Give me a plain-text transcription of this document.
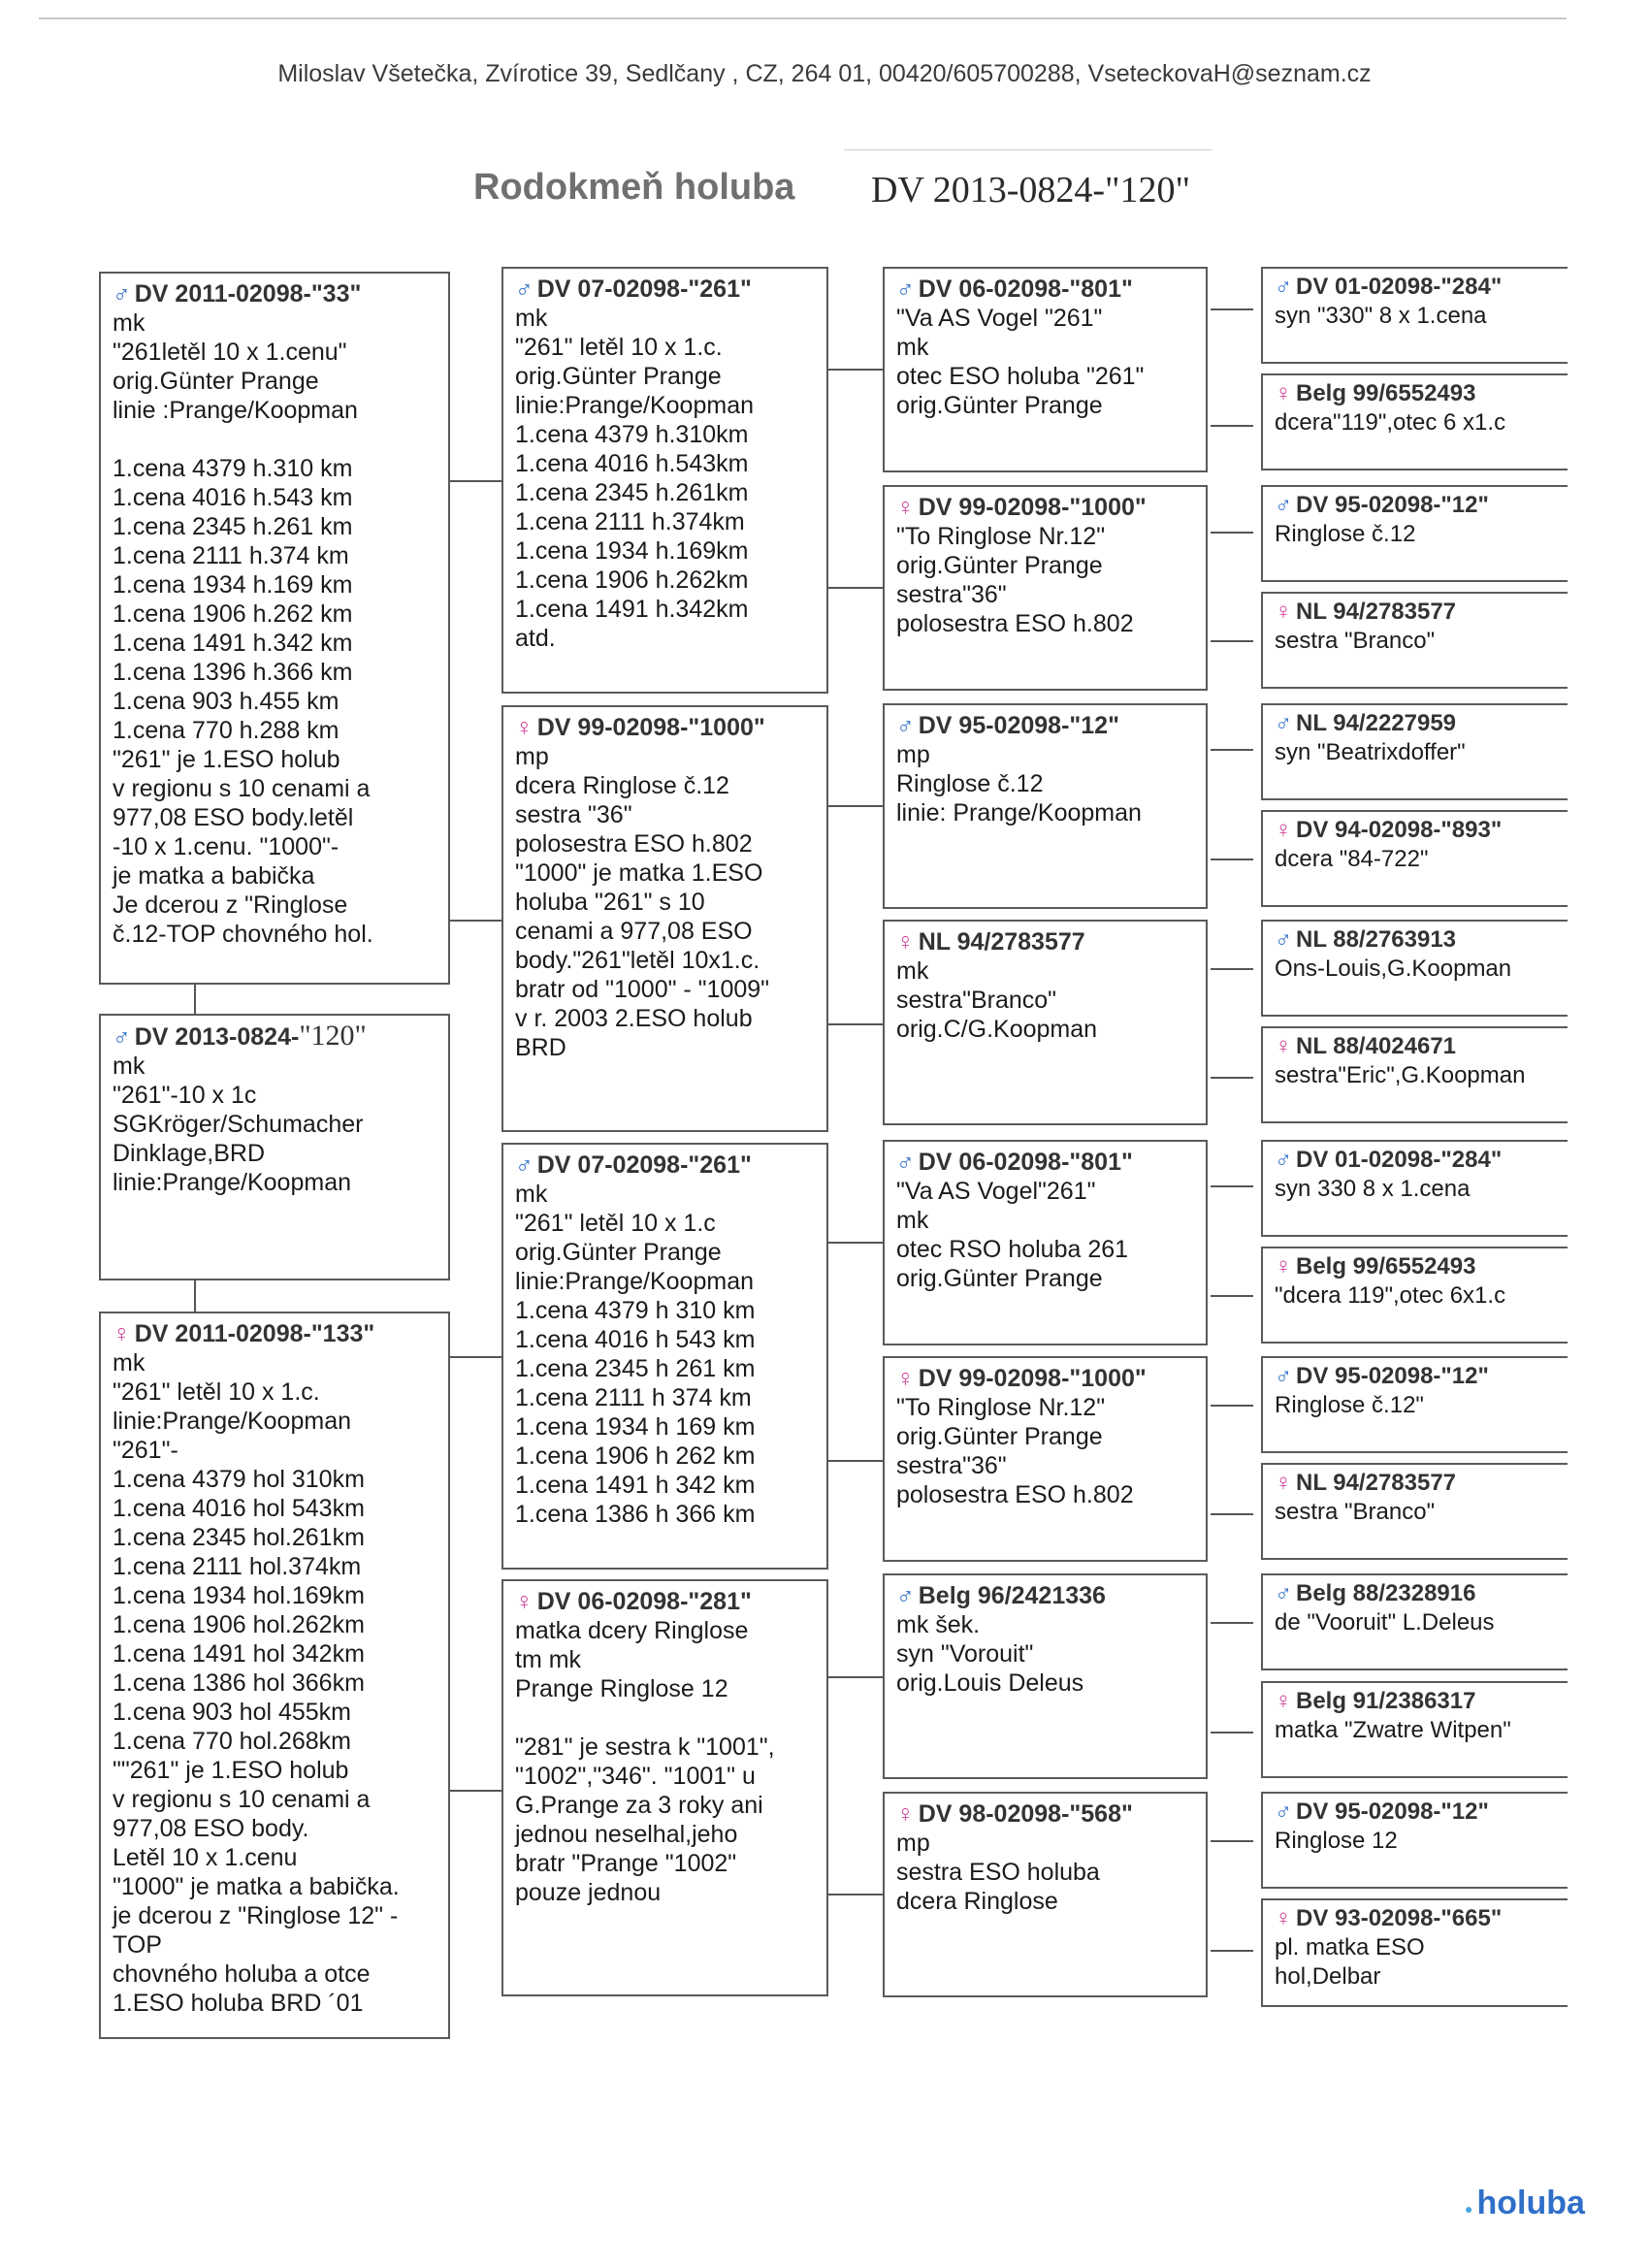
Miloslav Všetečka, Zvírotice 39, Sedlčany , CZ, 264 01, 00420/605700288, VseteckovaH@seznam.cz
Rodokmeň holuba DV 2013-0824-"120"
♂ DV 2011-02098-"33"
mk
"261letěl 10 x 1.cenu"
orig.Günter Prange
linie :Prange/Koopman

1.cena 4379 h.310 km
1.cena 4016 h.543 km
1.cena 2345 h.261 km
1.cena 2111 h.374 km
1.cena 1934 h.169 km
1.cena 1906 h.262 km
1.cena 1491 h.342 km
1.cena 1396 h.366 km
1.cena 903 h.455 km
1.cena 770 h.288 km
"261" je 1.ESO holub
v regionu s 10 cenami a
977,08 ESO body.letěl
-10 x 1.cenu. "1000"-
je matka a babička
Je dcerou z "Ringlose
č.12-TOP chovného hol.
♂ DV 2013-0824-"120"
mk
"261"-10 x 1c
SGKröger/Schumacher
Dinklage,BRD
linie:Prange/Koopman
♀ DV 2011-02098-"133"
mk
"261" letěl 10 x 1.c.
linie:Prange/Koopman
"261"-
1.cena 4379 hol 310km
1.cena 4016 hol 543km
1.cena 2345 hol.261km
1.cena 2111 hol.374km
1.cena 1934 hol.169km
1.cena 1906 hol.262km
1.cena 1491 hol 342km
1.cena 1386 hol 366km
1.cena 903 hol 455km
1.cena 770 hol.268km
""261" je 1.ESO holub
v regionu s 10 cenami a
977,08 ESO body.
Letěl 10 x 1.cenu
"1000" je matka a babička.
je dcerou z "Ringlose 12" -
TOP
chovného holuba a otce
1.ESO holuba BRD ´01
♂ DV 07-02098-"261"
mk
"261" letěl 10 x 1.c.
orig.Günter Prange
linie:Prange/Koopman
1.cena 4379 h.310km
1.cena 4016 h.543km
1.cena 2345 h.261km
1.cena 2111 h.374km
1.cena 1934 h.169km
1.cena 1906 h.262km
1.cena 1491 h.342km
atd.
♀ DV 99-02098-"1000"
mp
dcera Ringlose č.12
sestra "36"
polosestra ESO h.802
"1000" je matka 1.ESO
holuba "261" s 10
cenami a 977,08 ESO
body."261"letěl 10x1.c.
bratr od "1000" - "1009"
v r. 2003 2.ESO holub
BRD
♂ DV 07-02098-"261"
mk
"261" letěl 10 x 1.c
orig.Günter Prange
linie:Prange/Koopman
1.cena 4379 h 310 km
1.cena 4016 h 543 km
1.cena 2345 h 261 km
1.cena 2111 h 374 km
1.cena 1934 h 169 km
1.cena 1906 h 262 km
1.cena 1491 h 342 km
1.cena 1386 h 366 km
♀ DV 06-02098-"281"
matka dcery Ringlose
tm mk
Prange Ringlose 12

"281" je sestra k "1001",
"1002","346". "1001" u
G.Prange za 3 roky ani
jednou neselhal,jeho
bratr "Prange "1002"
pouze jednou
♂ DV 06-02098-"801"
"Va AS Vogel "261"
mk
otec ESO holuba "261"
orig.Günter Prange
♀ DV 99-02098-"1000"
"To Ringlose Nr.12"
orig.Günter Prange
sestra"36"
polosestra ESO h.802
♂ DV 95-02098-"12"
mp
Ringlose č.12
linie: Prange/Koopman
♀ NL 94/2783577
mk
sestra"Branco"
orig.C/G.Koopman
♂ DV 06-02098-"801"
"Va AS Vogel"261"
mk
otec RSO holuba 261
orig.Günter Prange
♀ DV 99-02098-"1000"
"To Ringlose Nr.12"
orig.Günter Prange
sestra"36"
polosestra ESO h.802
♂ Belg 96/2421336
mk šek.
syn "Vorouit"
orig.Louis Deleus
♀ DV 98-02098-"568"
mp
sestra ESO holuba
dcera Ringlose
♂ DV 01-02098-"284"
syn "330" 8 x 1.cena
♀ Belg 99/6552493
dcera"119",otec 6 x1.c
♂ DV 95-02098-"12"
Ringlose č.12
♀ NL 94/2783577
sestra "Branco"
♂ NL 94/2227959
syn "Beatrixdoffer"
♀ DV 94-02098-"893"
dcera "84-722"
♂ NL 88/2763913
Ons-Louis,G.Koopman
♀ NL 88/4024671
sestra"Eric",G.Koopman
♂ DV 01-02098-"284"
syn 330 8 x 1.cena
♀ Belg 99/6552493
"dcera 119",otec 6x1.c
♂ DV 95-02098-"12"
Ringlose č.12"
♀ NL 94/2783577
sestra "Branco"
♂ Belg 88/2328916
de "Vooruit" L.Deleus
♀ Belg 91/2386317
matka "Zwatre Witpen"
♂ DV 95-02098-"12"
Ringlose 12
♀ DV 93-02098-"665"
pl. matka ESO
hol,Delbar
● holuba
